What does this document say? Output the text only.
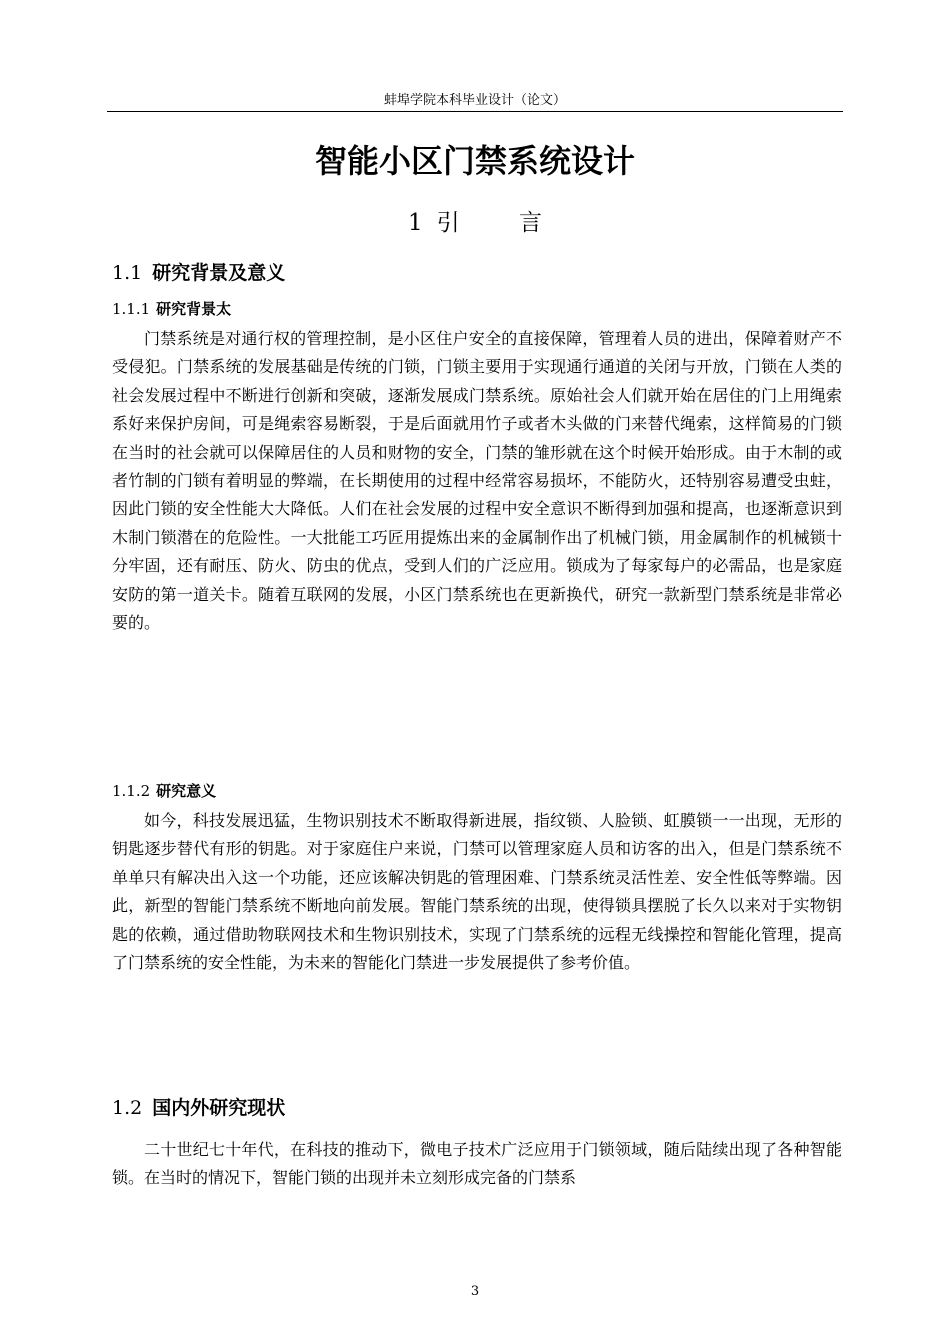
蚌埠学院本科毕业设计（论文）
智能小区门禁系统设计
1 引 言
1.1 研究背景及意义
1.1.1 研究背景太

门禁系统是对通行权的管理控制，是小区住户安全的直接保障，管理着人员的进出，保障着财产不受侵犯。门禁系统的发展基础是传统的门锁，门锁主要用于实现通行通道的关闭与开放，门锁在人类的社会发展过程中不断进行创新和突破，逐渐发展成门禁系统。原始社会人们就开始在居住的门上用绳索系好来保护房间，可是绳索容易断裂，于是后面就用竹子或者木头做的门来替代绳索，这样简易的门锁在当时的社会就可以保障居住的人员和财物的安全，门禁的雏形就在这个时候开始形成。由于木制的或者竹制的门锁有着明显的弊端，在长期使用的过程中经常容易损坏，不能防火，还特别容易遭受虫蛀，因此门锁的安全性能大大降低。人们在社会发展的过程中安全意识不断得到加强和提高，也逐渐意识到木制门锁潜在的危险性。一大批能工巧匠用提炼出来的金属制作出了机械门锁，用金属制作的机械锁十分牢固，还有耐压、防火、防虫的优点，受到人们的广泛应用。锁成为了每家每户的必需品，也是家庭安防的第一道关卡。随着互联网的发展，小区门禁系统也在更新换代，研究一款新型门禁系统是非常必要的。

1.1.2 研究意义

如今，科技发展迅猛，生物识别技术不断取得新进展，指纹锁、人脸锁、虹膜锁一一出现，无形的钥匙逐步替代有形的钥匙。对于家庭住户来说，门禁可以管理家庭人员和访客的出入，但是门禁系统不单单只有解决出入这一个功能，还应该解决钥匙的管理困难、门禁系统灵活性差、安全性低等弊端。因此，新型的智能门禁系统不断地向前发展。智能门禁系统的出现，使得锁具摆脱了长久以来对于实物钥匙的依赖，通过借助物联网技术和生物识别技术，实现了门禁系统的远程无线操控和智能化管理，提高了门禁系统的安全性能，为未来的智能化门禁进一步发展提供了参考价值。

1.2 国内外研究现状

二十世纪七十年代，在科技的推动下，微电子技术广泛应用于门锁领域，随后陆续出现了各种智能锁。在当时的情况下，智能门锁的出现并未立刻形成完备的门禁系

3
